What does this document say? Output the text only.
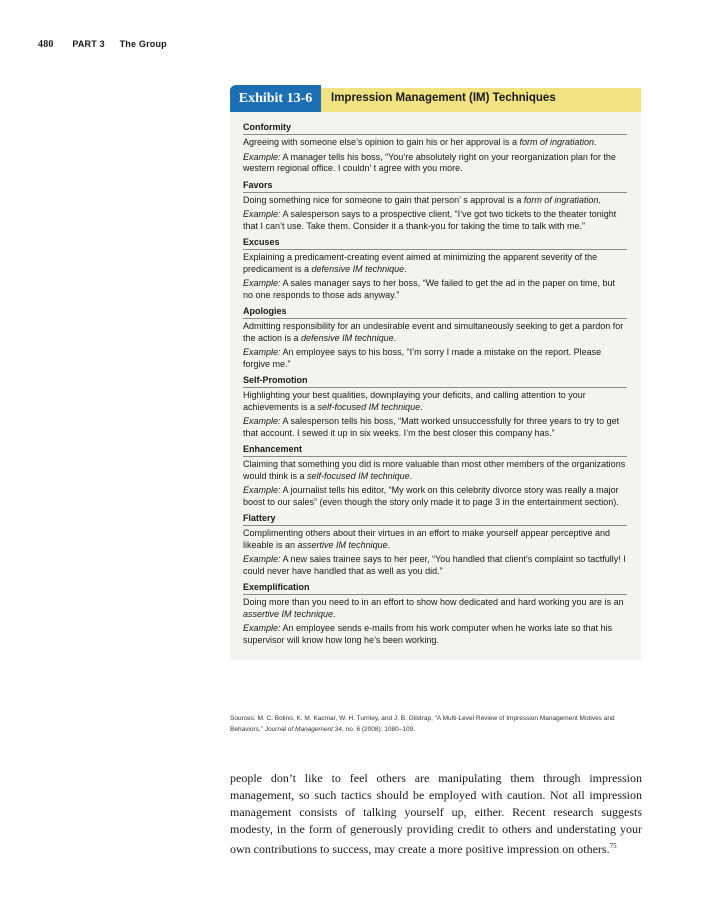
480 PART 3 The Group
Exhibit 13-6	Impression Management (IM) Techniques
Conformity
Agreeing with someone else’s opinion to gain his or her approval is a form of ingratiation.
Example: A manager tells his boss, “You’re absolutely right on your reorganization plan for the western regional office. I couldn’ t agree with you more.
Favors
Doing something nice for someone to gain that person’ s approval is a form of ingratiation.
Example: A salesperson says to a prospective client, “I’ve got two tickets to the theater tonight that I can’t use. Take them. Consider it a thank-you for taking the time to talk with me.”
Excuses
Explaining a predicament-creating event aimed at minimizing the apparent severity of the predicament is a defensive IM technique.
Example: A sales manager says to her boss, “We failed to get the ad in the paper on time, but no one responds to those ads anyway.”
Apologies
Admitting responsibility for an undesirable event and simultaneously seeking to get a pardon for the action is a defensive IM technique.
Example: An employee says to his boss, “I’m sorry I made a mistake on the report. Please forgive me.”
Self-Promotion
Highlighting your best qualities, downplaying your deficits, and calling attention to your achievements is a self-focused IM technique.
Example: A salesperson tells his boss, “Matt worked unsuccessfully for three years to try to get that account. I sewed it up in six weeks. I’m the best closer this company has.”
Enhancement
Claiming that something you did is more valuable than most other members of the organizations would think is a self-focused IM technique.
Example: A journalist tells his editor, “My work on this celebrity divorce story was really a major boost to our sales” (even though the story only made it to page 3 in the entertainment section).
Flattery
Complimenting others about their virtues in an effort to make yourself appear perceptive and likeable is an assertive IM technique.
Example: A new sales trainee says to her peer, “You handled that client’s complaint so tactfully! I could never have handled that as well as you did.”
Exemplification
Doing more than you need to in an effort to show how dedicated and hard working you are is an assertive IM technique.
Example: An employee sends e-mails from his work computer when he works late so that his supervisor will know how long he’s been working.
Sources: M. C. Bolino, K. M. Kacmar, W. H. Turnley, and J. B. Gilstrap, “A Multi-Level Review of Impression Management Motives and Behaviors,” Journal of Management 34, no. 6 (2008): 1080–109.
people don’t like to feel others are manipulating them through impression management, so such tactics should be employed with caution. Not all impression management consists of talking yourself up, either. Recent research suggests modesty, in the form of generously providing credit to others and understating your own contributions to success, may create a more positive impression on others.$^{75}$
